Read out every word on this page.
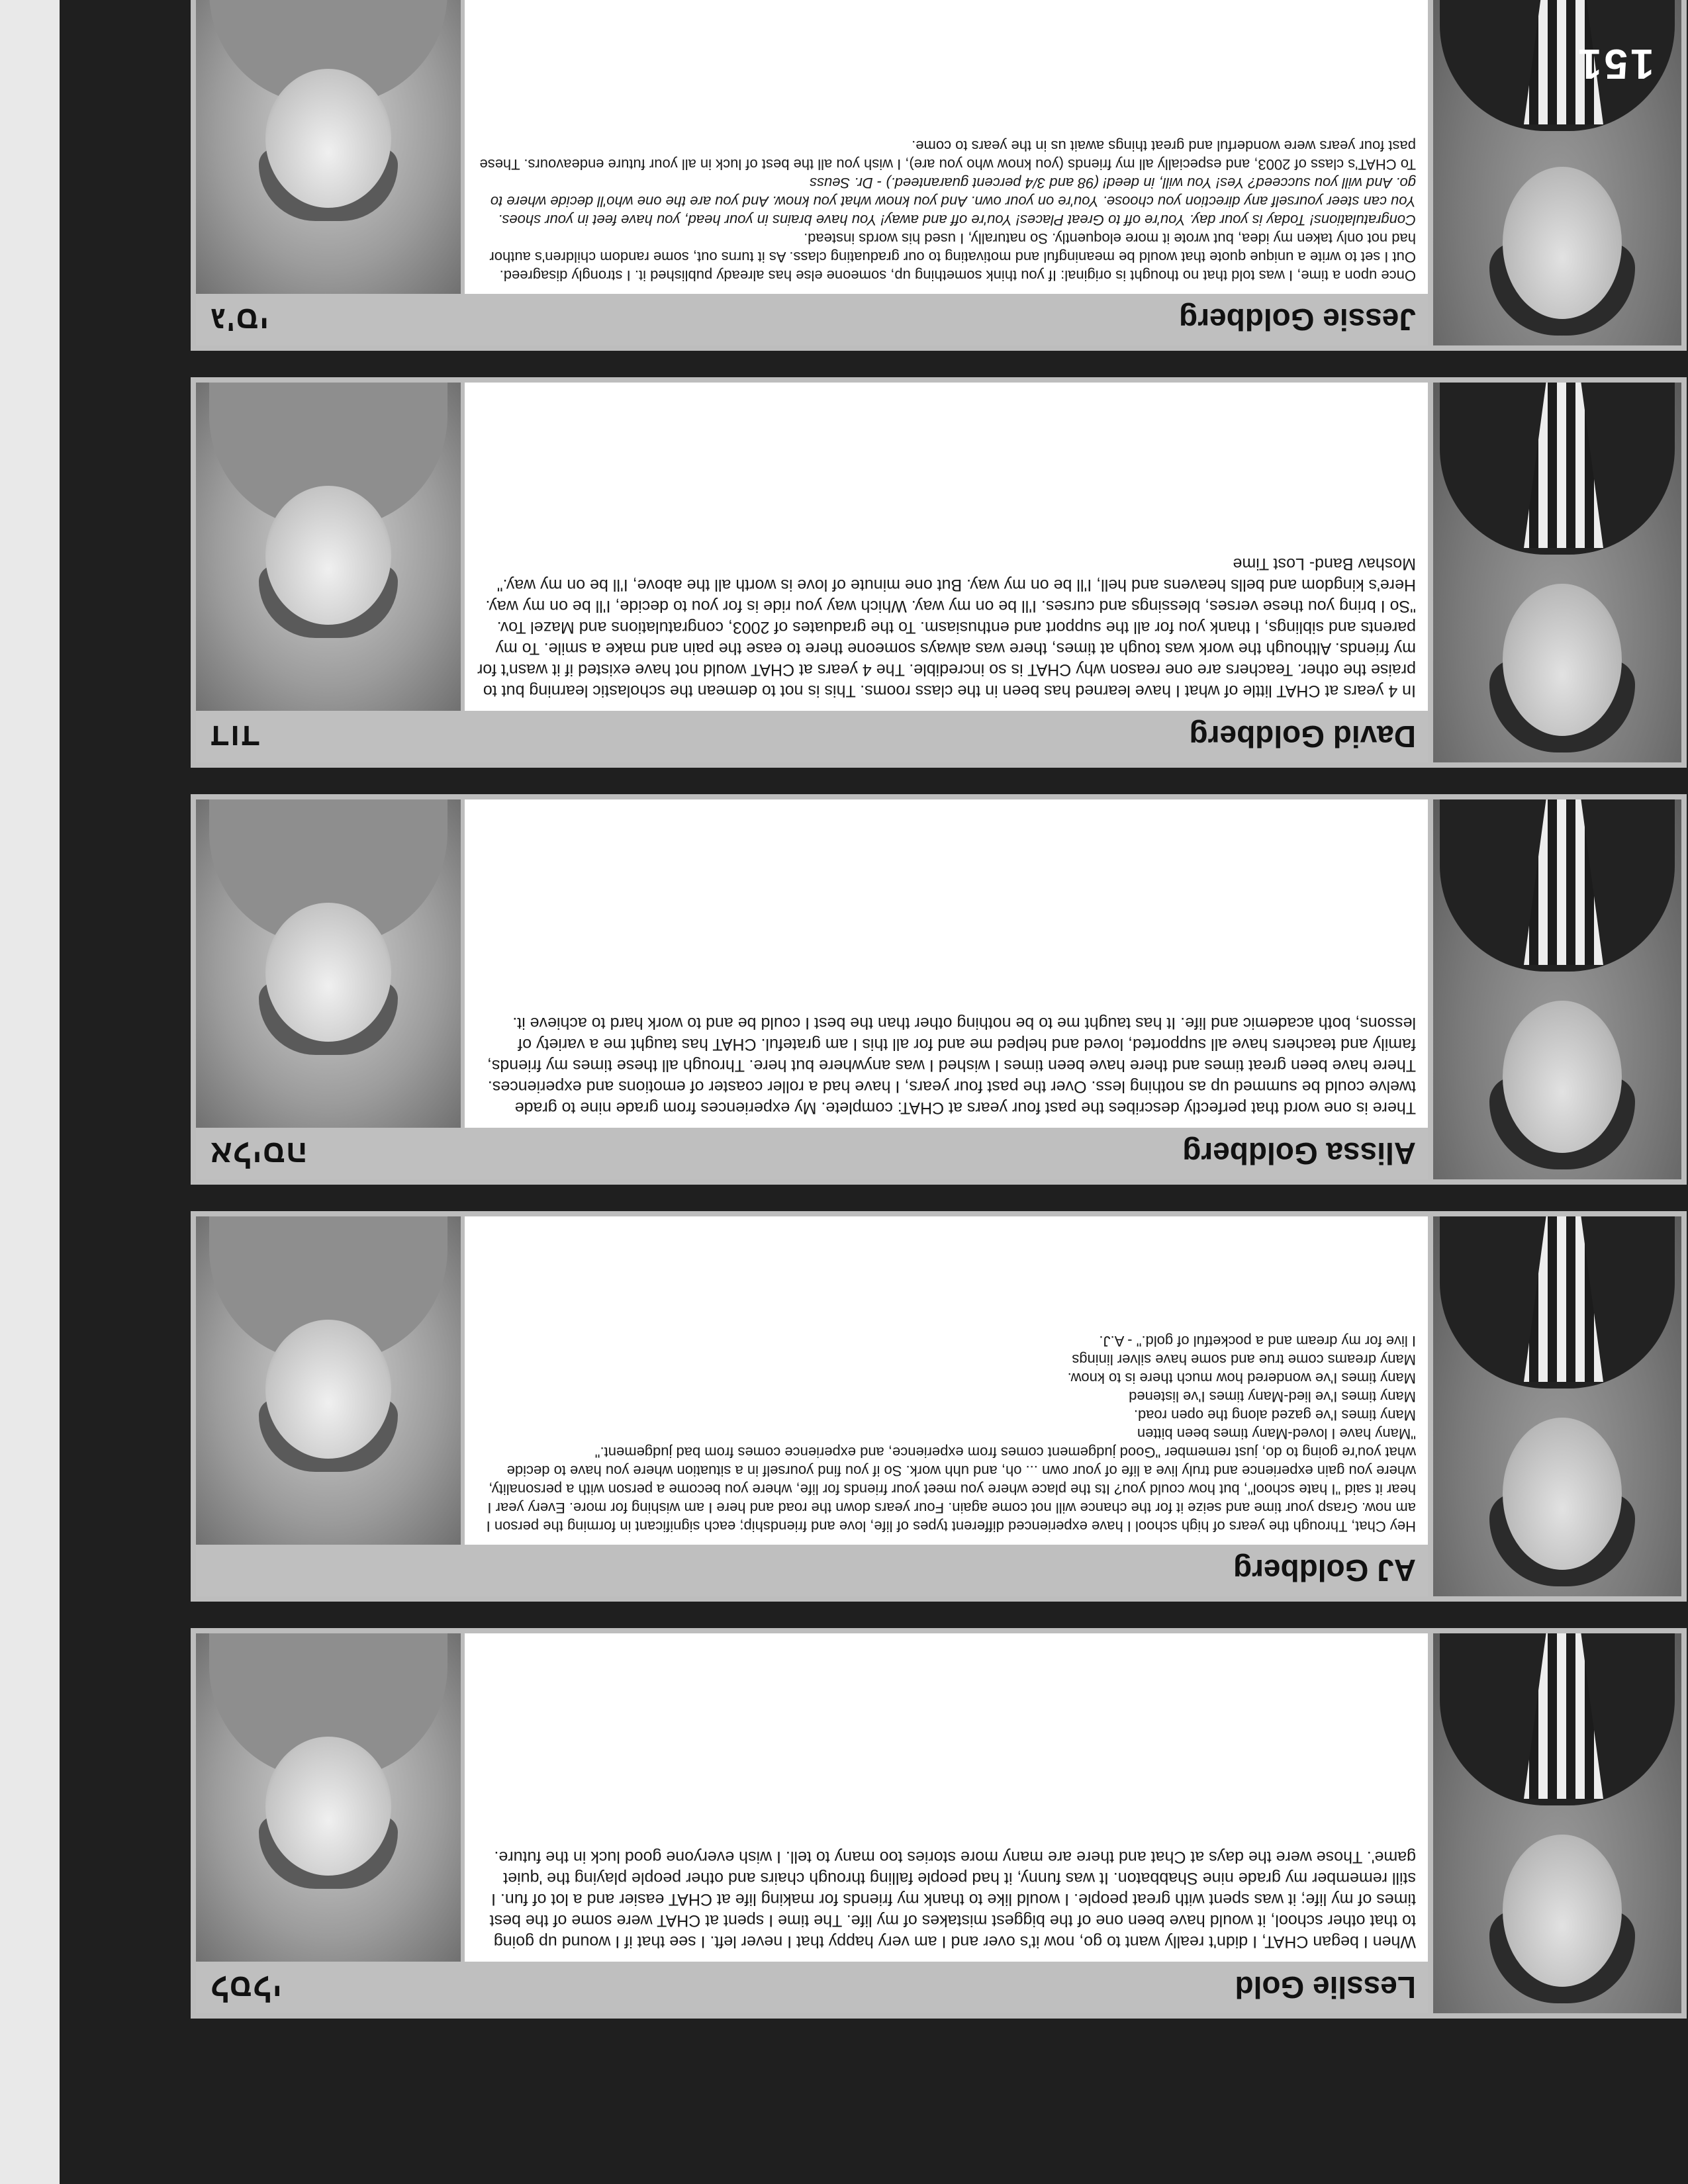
Lesslie Gold
לסלי

When I began CHAT, I didn't really want to go, now it's over and I am very happy that I never left. I see that if I wound up going to that other school, it would have been one of the biggest mistakes of my life. The time I spent at CHAT were some of the best times of my life; it was spent with great people. I would like to thank my friends for making life at CHAT easier and a lot of fun. I still remember my grade nine Shabbaton. It was funny, it had people falling through chairs and other people playing the 'quiet game'. Those were the days at Chat and there are many more stories too many to tell. I wish everyone good luck in the future.

AJ Goldberg
Hey Chat, Through the years of high school I have experienced different types of life, love and friendship; each significant in forming the person I am now. Grasp your time and seize it for the chance will not come again. Four years down the road and here I am wishing for more. Every year I hear it said "I hate school", but how could you? Its the place where you meet your friends for life, where you become a person with a personality, where you gain experience and truly live a life of your own ... oh, and uhh work. So if you find yourself in a situation where you have to decide what you're going to do, just remember "Good judgement comes from experience, and experience comes from bad judgement."
"Many have I loved-Many times been bitten
Many times I've gazed along the open road.
Many times I've lied-Many times I've listened
Many times I've wondered how much there is to know.
Many dreams come true and some have silver linings
I live for my dream and a pocketful of gold." - A.J.
Alissa Goldberg
אליסה

There is one word that perfectly describes the past four years at CHAT: complete. My experiences from grade nine to grade twelve could be summed up as nothing less. Over the past four years, I have had a roller coaster of emotions and experiences. There have been great times and there have been times I wished I was anywhere but here. Through all these times my friends, family and teachers have all supported, loved and helped me and for all this I am grateful. CHAT has taught me a variety of lessons, both academic and life. It has taught me to be nothing other than the best I could be and to work hard to achieve it.

David Goldberg
דוד

In 4 years at CHAT little of what I have learned has been in the class rooms. This is not to demean the scholastic learning but to praise the other. Teachers are one reason why CHAT is so incredible. The 4 years at CHAT would not have existed if it wasn't for my friends. Although the work was tough at times, there was always someone there to ease the pain and make a smile. To my parents and siblings, I thank you for all the support and enthusiasm. To the graduates of 2003, congratulations and Mazel Tov. "So I bring you these verses, blessings and curses. I'll be on my way. Which way you ride is for you to decide, I'll be on my way. Here's kingdom and bells heavens and hell, I'll be on my way. But one minute of love is worth all the above, I'll be on my way." Moshav Band- Lost Time

Jessie Goldberg
ג'סי
Once upon a time, I was told that no thought is original: If you think something up, someone else has already published it. I strongly disagreed. Out I set to write a unique quote that would be meaningful and motivating to our graduating class. As it turns out, some random children's author had not only taken my idea, but wrote it more eloquently. So naturally, I used his words instead.
Congratulations! Today is your day. You're off to Great Places! You're off and away! You have brains in your head, you have feet in your shoes. You can steer yourself any direction you choose. You're on your own. And you know what you know. And you are the one who'll decide where to go. And will you succeed? Yes! You will, in deed! (98 and 3/4 percent guaranteed.) - Dr. Seuss
To CHAT's class of 2003, and especially all my friends (you know who you are), I wish you all the best of luck in all your future endeavours. These past four years were wonderful and great things await us in the years to come.

151
